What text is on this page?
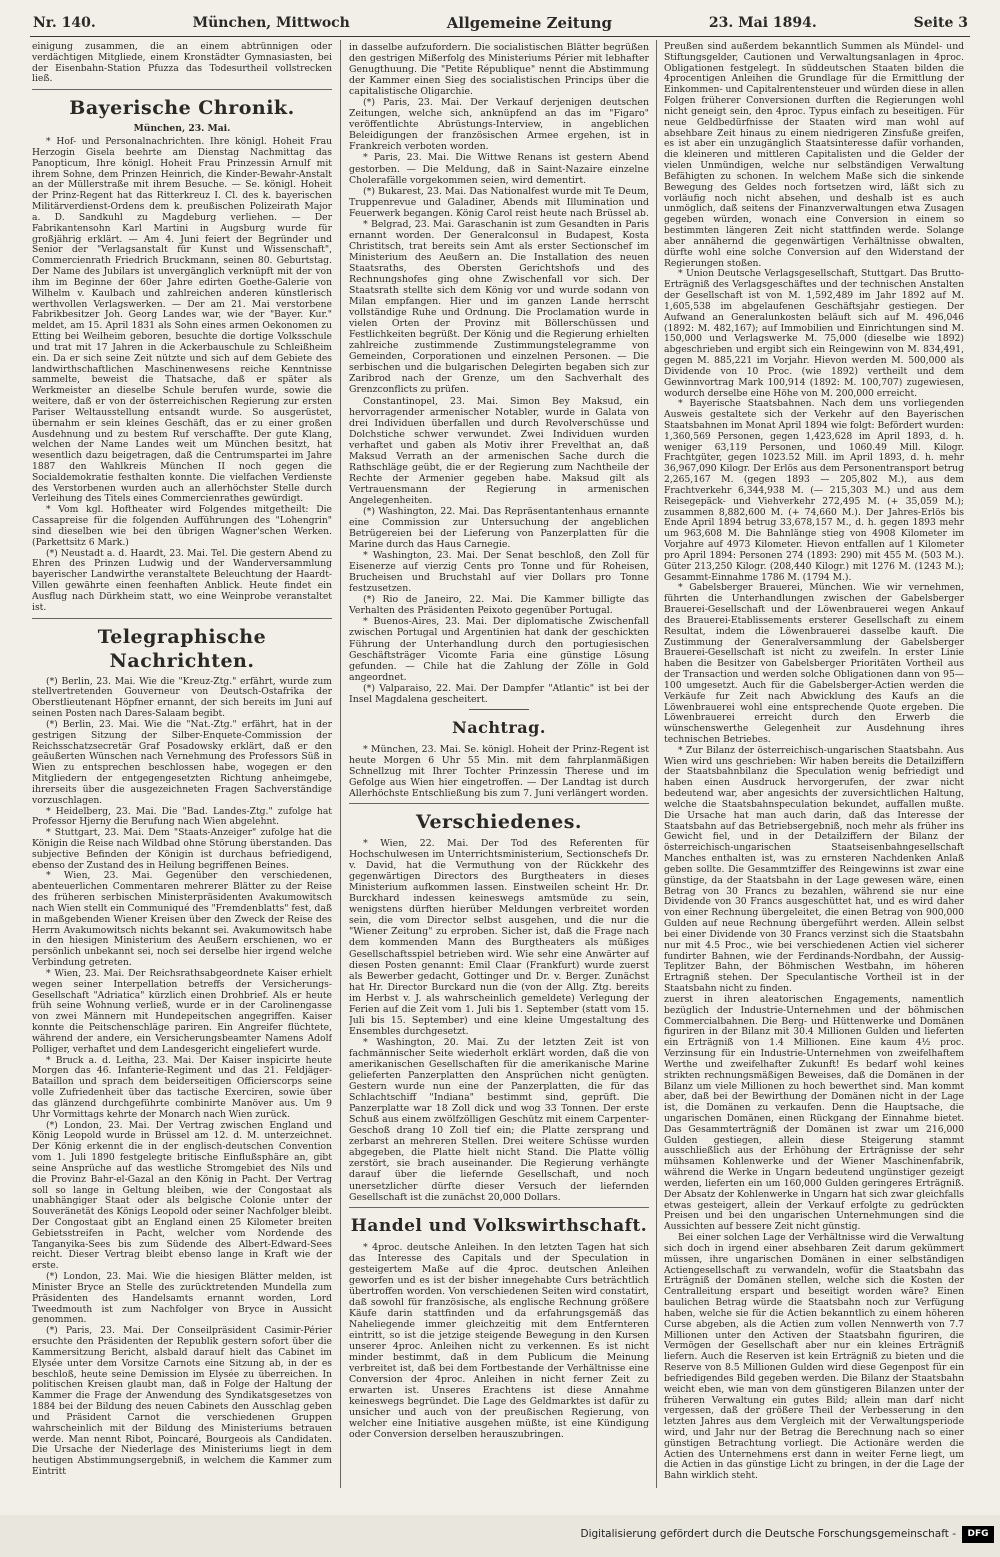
Nr. 140.	München, Mittwoch	Allgemeine Zeitung	23. Mai 1894.	Seite 3

einigung zusammen, die an einem abtrünnigen oder verdächtigen Mitgliede, einem Kronstädter Gymnasiasten, bei der Eisenbahn-Station Pfuzza das Todesurtheil vollstrecken ließ.

Bayerische Chronik.
München, 23. Mai.

* Hof- und Personalnachrichten. Ihre königl. Hoheit Frau Herzogin Gisela beehrte am Dienstag Nachmittag das Panopticum, Ihre königl. Hoheit Frau Prinzessin Arnulf mit ihrem Sohne, dem Prinzen Heinrich, die Kinder-Bewahr-Anstalt an der Müllerstraße mit ihrem Besuche. — Se. königl. Hoheit der Prinz-Regent hat das Ritterkreuz I. Cl. des k. bayerischen Militärverdienst-Ordens dem k. preußischen Polizeirath Major a. D. Sandkuhl zu Magdeburg verliehen. — Der Fabrikantensohn Karl Martini in Augsburg wurde für großjährig erklärt. — Am 4. Juni feiert der Begründer und Senior der "Verlagsanstalt für Kunst und Wissenschaft", Commercienrath Friedrich Bruckmann, seinen 80. Geburtstag. Der Name des Jubilars ist unvergänglich verknüpft mit der von ihm im Beginne der 60er Jahre edirten Goethe-Galerie von Wilhelm v. Kaulbach und zahlreichen anderen künstlerisch werthvollen Verlagswerken. — Der am 21. Mai verstorbene Fabrikbesitzer Joh. Georg Landes war, wie der "Bayer. Kur." meldet, am 15. April 1831 als Sohn eines armen Oekonomen zu Etting bei Weilheim geboren, besuchte die dortige Volksschule und trat mit 17 Jahren in die Ackerbauschule zu Schleißheim ein. Da er sich seine Zeit nützte und sich auf dem Gebiete des landwirthschaftlichen Maschinenwesens reiche Kenntnisse sammelte, beweist die Thatsache, daß er später als Werkmeister an dieselbe Schule berufen wurde, sowie die weitere, daß er von der österreichischen Regierung zur ersten Pariser Weltausstellung entsandt wurde. So ausgerüstet, übernahm er sein kleines Geschäft, das er zu einer großen Ausdehnung und zu bestem Ruf verschaffte. Der gute Klang, welchen der Name Landes weit um München besitzt, hat wesentlich dazu beigetragen, daß die Centrumspartei im Jahre 1887 den Wahlkreis München II noch gegen die Socialdemokratie festhalten konnte. Die vielfachen Verdienste des Verstorbenen wurden auch an allerhöchster Stelle durch Verleihung des Titels eines Commercienrathes gewürdigt.

* Vom kgl. Hoftheater wird Folgendes mitgetheilt: Die Cassapreise für die folgenden Aufführungen des "Lohengrin" sind dieselben wie bei den übrigen Wagner'schen Werken. (Parkettsitz 6 Mark.)

(*) Neustadt a. d. Haardt, 23. Mai. Tel. Die gestern Abend zu Ehren des Prinzen Ludwig und der Wanderversammlung bayerischer Landwirthe veranstaltete Beleuchtung der Haardt-Villen gewährte einen feenhaften Anblick. Heute findet ein Ausflug nach Dürkheim statt, wo eine Weinprobe veranstaltet ist.

Telegraphische Nachrichten.

(*) Berlin, 23. Mai. Wie die "Kreuz-Ztg." erfährt, wurde zum stellvertretenden Gouverneur von Deutsch-Ostafrika der Oberstlieutenant Höpfner ernannt, der sich bereits im Juni auf seinen Posten nach Dares-Salaam begibt.

(*) Berlin, 23. Mai. Wie die "Nat.-Ztg." erfährt, hat in der gestrigen Sitzung der Silber-Enquete-Commission der Reichsschatzsecretär Graf Posadowsky erklärt, daß er den geäußerten Wünschen nach Vernehmung des Professors Süß in Wien zu entsprechen beschlossen habe, wogegen er den Mitgliedern der entgegengesetzten Richtung anheimgebe, ihrerseits über die ausgezeichneten Fragen Sachverständige vorzuschlagen.

* Heidelberg, 23. Mai. Die "Bad. Landes-Ztg." zufolge hat Professor Hjerny die Berufung nach Wien abgelehnt.

* Stuttgart, 23. Mai. Dem "Staats-Anzeiger" zufolge hat die Königin die Reise nach Wildbad ohne Störung überstanden. Das subjective Befinden der Königin ist durchaus befriedigend, ebenso der Zustand des in Heilung begriffenen Beines.

* Wien, 23. Mai. Gegenüber den verschiedenen, abenteuerlichen Commentaren mehrerer Blätter zu der Reise des früheren serbischen Ministerpräsidenten Avakumowitsch nach Wien stellt ein Communiqué des "Fremdenblatts" fest, daß in maßgebenden Wiener Kreisen über den Zweck der Reise des Herrn Avakumowitsch nichts bekannt sei. Avakumowitsch habe in den hiesigen Ministerium des Aeußern erschienen, wo er persönlich unbekannt sei, noch sei derselbe hier irgend welche Verbindung getreten.

* Wien, 23. Mai. Der Reichsrathsabgeordnete Kaiser erhielt wegen seiner Interpellation betreffs der Versicherungs-Gesellschaft "Adriatica" kürzlich einen Drohbrief. Als er heute früh seine Wohnung verließ, wurde er in der Carolinengasse von zwei Männern mit Hundepeitschen angegriffen. Kaiser konnte die Peitschenschläge pariren. Ein Angreifer flüchtete, während der andere, ein Versicherungsbeamter Namens Adolf Polliger, verhaftet und dem Landesgericht eingeliefert wurde.

* Bruck a. d. Leitha, 23. Mai. Der Kaiser inspicirte heute Morgen das 46. Infanterie-Regiment und das 21. Feldjäger-Bataillon und sprach dem beiderseitigen Officierscorps seine volle Zufriedenheit über das tactische Exerciren, sowie über das glänzend durchgeführte combinirte Manöver aus. Um 9 Uhr Vormittags kehrte der Monarch nach Wien zurück.

(*) London, 23. Mai. Der Vertrag zwischen England und König Leopold wurde in Brüssel am 12. d. M. unterzeichnet. Der König erkennt die in der englisch-deutschen Convention vom 1. Juli 1890 festgelegte britische Einflußsphäre an, gibt seine Ansprüche auf das westliche Stromgebiet des Nils und die Provinz Bahr-el-Gazal an den König in Pacht. Der Vertrag soll so lange in Geltung bleiben, wie der Congostaat als unabhängiger Staat oder als belgische Colonie unter der Souveränetät des Königs Leopold oder seiner Nachfolger bleibt. Der Congostaat gibt an England einen 25 Kilometer breiten Gebietsstreifen in Pacht, welcher vom Nordende des Tanganyika-Sees bis zum Südende des Albert-Edward-Sees reicht. Dieser Vertrag bleibt ebenso lange in Kraft wie der erste.

(*) London, 23. Mai. Wie die hiesigen Blätter melden, ist Minister Bryce an Stelle des zurücktretenden Mundella zum Präsidenten des Handelsamts ernannt worden, Lord Tweedmouth ist zum Nachfolger von Bryce in Aussicht genommen.

(*) Paris, 23. Mai. Der Conseilpräsident Casimir-Périer ersuchte den Präsidenten der Republik gestern sofort über die Kammersitzung Bericht, alsbald darauf hielt das Cabinet im Elysée unter dem Vorsitze Carnots eine Sitzung ab, in der es beschloß, heute seine Demission im Elysée zu überreichen. In politischen Kreisen glaubt man, daß in Folge der Haltung der Kammer die Frage der Anwendung des Syndikatsgesetzes von 1884 bei der Bildung des neuen Cabinets den Ausschlag geben und Präsident Carnot die verschiedenen Gruppen wahrscheinlich mit der Bildung des Ministeriums betrauen werde. Man nennt Ribot, Poincaré, Bourgeois als Candidaten. Die Ursache der Niederlage des Ministeriums liegt in dem heutigen Abstimmungsergebniß, in welchem die Kammer zum Eintritt

in dasselbe aufzufordern. Die socialistischen Blätter begrüßen den gestrigen Mißerfolg des Ministeriums Périer mit lebhafter Genugthuung. Die "Petite République" nennt die Abstimmung der Kammer einen Sieg des socialistischen Princips über die capitalistische Oligarchie.

(*) Paris, 23. Mai. Der Verkauf derjenigen deutschen Zeitungen, welche sich, anknüpfend an das im "Figaro" veröffentlichte Abrüstungs-Interview, in angeblichen Beleidigungen der französischen Armee ergehen, ist in Frankreich verboten worden.

* Paris, 23. Mai. Die Wittwe Renans ist gestern Abend gestorben. — Die Meldung, daß in Saint-Nazaire einzelne Cholerafälle vorgekommen seien, wird dementirt.

(*) Bukarest, 23. Mai. Das Nationalfest wurde mit Te Deum, Truppenrevue und Galadiner, Abends mit Illumination und Feuerwerk begangen. König Carol reist heute nach Brüssel ab.

* Belgrad, 23. Mai. Garaschanin ist zum Gesandten in Paris ernannt worden. Der Generalconsul in Budapest, Kosta Christitsch, trat bereits sein Amt als erster Sectionschef im Ministerium des Aeußern an. Die Installation des neuen Staatsraths, des Obersten Gerichtshofs und des Rechnungshofes ging ohne Zwischenfall vor sich. Der Staatsrath stellte sich dem König vor und wurde sodann von Milan empfangen. Hier und im ganzen Lande herrscht vollständige Ruhe und Ordnung. Die Proclamation wurde in vielen Orten der Provinz mit Böllerschüssen und Festlichkeiten begrüßt. Der König und die Regierung erhielten zahlreiche zustimmende Zustimmungstelegramme von Gemeinden, Corporationen und einzelnen Personen. — Die serbischen und die bulgarischen Delegirten begaben sich zur Zaribrod nach der Grenze, um den Sachverhalt des Grenzconflicts zu prüfen.

Constantinopel, 23. Mai. Simon Bey Maksud, ein hervorragender armenischer Notabler, wurde in Galata von drei Individuen überfallen und durch Revolverschüsse und Dolchstiche schwer verwundet. Zwei Individuen wurden verhaftet und gaben als Motiv ihrer Frevelthat an, daß Maksud Verrath an der armenischen Sache durch die Rathschläge geübt, die er der Regierung zum Nachtheile der Rechte der Armenier gegeben habe. Maksud gilt als Vertrauensmann der Regierung in armenischen Angelegenheiten.

(*) Washington, 22. Mai. Das Repräsentantenhaus ernannte eine Commission zur Untersuchung der angeblichen Betrügereien bei der Lieferung von Panzerplatten für die Marine durch das Haus Carnegie.

* Washington, 23. Mai. Der Senat beschloß, den Zoll für Eisenerze auf vierzig Cents pro Tonne und für Roheisen, Brucheisen und Bruchstahl auf vier Dollars pro Tonne festzusetzen.

(*) Rio de Janeiro, 22. Mai. Die Kammer billigte das Verhalten des Präsidenten Peixoto gegenüber Portugal.

* Buenos-Aires, 23. Mai. Der diplomatische Zwischenfall zwischen Portugal und Argentinien hat dank der geschickten Führung der Unterhandlung durch den portugiesischen Geschäftsträger Vicomte Faria eine günstige Lösung gefunden. — Chile hat die Zahlung der Zölle in Gold angeordnet.

(*) Valparaiso, 22. Mai. Der Dampfer "Atlantic" ist bei der Insel Magdalena gescheitert.

Nachtrag.

* München, 23. Mai. Se. königl. Hoheit der Prinz-Regent ist heute Morgen 6 Uhr 55 Min. mit dem fahrplanmäßigen Schnellzug mit Ihrer Tochter Prinzessin Therese und im Gefolge aus Wien hier eingetroffen. — Der Landtag ist durch Allerhöchste Entschließung bis zum 7. Juni verlängert worden.

Verschiedenes.

* Wien, 22. Mai. Der Tod des Referenten für Hochschulwesen im Unterrichtsministerium, Sectionschefs Dr. v. David, hat die Vermuthung von der Rückkehr des gegenwärtigen Directors des Burgtheaters in dieses Ministerium aufkommen lassen. Einstweilen scheint Hr. Dr. Burckhard indessen keineswegs amtsmüde zu sein, wenigstens dürften hierüber Meldungen verbreitet worden sein, die vom Director selbst ausgehen, und die nur die "Wiener Zeitung" zu erproben. Sicher ist, daß die Frage nach dem kommenden Mann des Burgtheaters als müßiges Gesellschaftsspiel betrieben wird. Wie sehr eine Anwärter auf diesen Posten genannt: Emil Claar (Frankfurt) wurde zuerst als Bewerber gedacht, Gottinger und Dr. v. Berger. Zunächst hat Hr. Director Burckard nun die (von der Allg. Ztg. bereits im Herbst v. J. als wahrscheinlich gemeldete) Verlegung der Ferien auf die Zeit vom 1. Juli bis 1. September (statt vom 15. Juli bis 15. September) und eine kleine Umgestaltung des Ensembles durchgesetzt.

* Washington, 20. Mai. Zu der letzten Zeit ist von fachmännischer Seite wiederholt erklärt worden, daß die von amerikanischen Gesellschaften für die amerikanische Marine gelieferten Panzerplatten den Ansprüchen nicht genügten. Gestern wurde nun eine der Panzerplatten, die für das Schlachtschiff "Indiana" bestimmt sind, geprüft. Die Panzerplatte war 18 Zoll dick und wog 33 Tonnen. Der erste Schuß aus einem zwölfzölligen Geschütz mit einem Carpenter-Geschoß drang 10 Zoll tief ein; die Platte zersprang und zerbarst an mehreren Stellen. Drei weitere Schüsse wurden abgegeben, die Platte hielt nicht Stand. Die Platte völlig zerstört, sie brach auseinander. Die Regierung verhängte darauf über die liefernde Gesellschaft, und noch unersetzlicher dürfte dieser Versuch der liefernden Gesellschaft ist die zunächst 20,000 Dollars.

Handel und Volkswirthschaft.

* 4proc. deutsche Anleihen. In den letzten Tagen hat sich das Interesse des Capitals und der Speculation in gesteigertem Maße auf die 4proc. deutschen Anleihen geworfen und es ist der bisher innegehabte Curs beträchtlich übertroffen worden. Von verschiedenen Seiten wird constatirt, daß sowohl für französische, als englische Rechnung größere Käufe darin stattfinden und da erfahrungsgemäß das Naheliegende immer gleichzeitig mit dem Entfernteren eintritt, so ist die jetzige steigende Bewegung in den Kursen unserer 4proc. Anleihen nicht zu verkennen. Es ist nicht minder bestimmt, daß in dem Publicum die Meinung verbreitet ist, daß bei dem Fortbestande der Verhältnisse eine Conversion der 4proc. Anleihen in nicht ferner Zeit zu erwarten ist. Unseres Erachtens ist diese Annahme keineswegs begründet. Die Lage des Geldmarktes ist dafür zu unsicher und auch von der preußischen Regierung, von welcher eine Initiative ausgehen müßte, ist eine Kündigung oder Conversion derselben herauszubringen.

Preußen sind außerdem bekanntlich Summen als Mündel- und Stiftungsgelder, Cautionen und Verwaltungsanlagen in 4proc. Obligationen festgelegt. In süddeutschen Staaten bilden die 4procentigen Anleihen die Grundlage für die Ermittlung der Einkommen- und Capitalrentensteuer und würden diese in allen Folgen früherer Conversionen durften die Regierungen wohl nicht geneigt sein, den 4proc. Typus einfach zu beseitigen. Für neue Geldbedürfnisse der Staaten wird man wohl auf absehbare Zeit hinaus zu einem niedrigeren Zinsfuße greifen, es ist aber ein unzugänglich Staatsinteresse dafür vorhanden, die kleineren und mittleren Capitalisten und die Gelder der vielen Unmündigen, welche nur selbständigen Verwaltung Befähigten zu schonen. In welchem Maße sich die sinkende Bewegung des Geldes noch fortsetzen wird, läßt sich zu vorläufig noch nicht absehen, und deshalb ist es auch unmöglich, daß seitens der Finanzverwaltungen etwa Zusagen gegeben würden, wonach eine Conversion in einem so bestimmten längeren Zeit nicht stattfinden werde. Solange aber annähernd die gegenwärtigen Verhältnisse obwalten, dürfte wohl eine solche Conversion auf den Widerstand der Regierungen stoßen.

* Union Deutsche Verlagsgesellschaft, Stuttgart. Das Brutto-Erträgniß des Verlagsgeschäftes und der technischen Anstalten der Gesellschaft ist von M. 1,592,489 im Jahr 1892 auf M. 1,605,538 im abgelaufenen Geschäftsjahr gestiegen. Der Aufwand an Generalunkosten beläuft sich auf M. 496,046 (1892: M. 482,167); auf Immobilien und Einrichtungen sind M. 150,000 und Verlagswerke M. 75,000 (dieselbe wie 1892) abgeschrieben und ergibt sich ein Reingewinn von M. 834,491, gegen M. 885,221 im Vorjahr. Hievon werden M. 500,000 als Dividende von 10 Proc. (wie 1892) vertheilt und dem Gewinnvortrag Mark 100,914 (1892: M. 100,707) zugewiesen, wodurch derselbe eine Höhe von M. 200,000 erreicht.

* Bayerische Staatsbahnen. Nach dem uns vorliegenden Ausweis gestaltete sich der Verkehr auf den Bayerischen Staatsbahnen im Monat April 1894 wie folgt: Befördert wurden: 1,360,569 Personen, gegen 1,423,628 im April 1893, d. h. weniger 63,119 Personen, und 1060.49 Mill. Kilogr. Frachtgüter, gegen 1023.52 Mill. im April 1893, d. h. mehr 36,967,090 Kilogr. Der Erlös aus dem Personentransport betrug 2,265,167 M. (gegen 1893 — 205,802 M.), aus dem Frachtverkehr 6,344,938 M. (— 215,303 M.) und aus dem Reisegepäck- und Viehverkehr 272,495 M. (+ 35,059 M.); zusammen 8,882,600 M. (+ 74,660 M.). Der Jahres-Erlös bis Ende April 1894 betrug 33,678,157 M., d. h. gegen 1893 mehr um 963,608 M. Die Bahnlänge stieg von 4908 Kilometer im Vorjahre auf 4973 Kilometer. Hievon entfallen auf 1 Kilometer pro April 1894: Personen 274 (1893: 290) mit 455 M. (503 M.). Güter 213,250 Kilogr. (208,440 Kilogr.) mit 1276 M. (1243 M.); Gesammt-Einnahme 1786 M. (1794 M.).

* Gabelsberger Brauerei, München. Wie wir vernehmen, führten die Unterhandlungen zwischen der Gabelsberger Brauerei-Gesellschaft und der Löwenbrauerei wegen Ankauf des Brauerei-Etablissements ersterer Gesellschaft zu einem Resultat, indem die Löwenbrauerei dasselbe kauft. Die Zustimmung der Generalversammlung der Gabelsberger Brauerei-Gesellschaft ist nicht zu zweifeln. In erster Linie haben die Besitzer von Gabelsberger Prioritäten Vortheil aus der Transaction und werden solche Obligationen dann von 95—100 umgesetzt. Auch für die Gabelsberger-Actien werden die Verkäufe fur Zeit nach Abwicklung des Kaufs an die Löwenbrauerei wohl eine entsprechende Quote ergeben. Die Löwenbrauerei erreicht durch den Erwerb die wünschenswerthe Gelegenheit zur Ausdehnung ihres technischen Betriebes.

* Zur Bilanz der österreichisch-ungarischen Staatsbahn. Aus Wien wird uns geschrieben: Wir haben bereits die Detailziffern der Staatsbahnbilanz die Speculation wenig befriedigt und haben einen Ausdruck hervorgerufen, der zwar nicht bedeutend war, aber angesichts der zuversichtlichen Haltung, welche die Staatsbahnspeculation bekundet, auffallen mußte. Die Ursache hat man auch darin, daß das Interesse der Staatsbahn auf das Betriebsergebniß, noch mehr als früher ins Gewicht fiel, und in der Detailziffern der Bilanz der österreichisch-ungarischen Staatseisenbahngesellschaft Manches enthalten ist, was zu ernsteren Nachdenken Anlaß geben sollte. Die Gesammtziffer des Reingewinns ist zwar eine günstige, da der Staatsbahn in der Lage gewesen wäre, einen Betrag von 30 Francs zu bezahlen, während sie nur eine Dividende von 30 Francs ausgeschüttet hat, und es wird daher von einer Rechnung übergeleitet, die einen Betrag von 900,000 Gulden auf neue Rechnung übergeführt werden. Allein selbst bei einer Dividende von 30 Francs verzinst sich die Staatsbahn nur mit 4.5 Proc., wie bei verschiedenen Actien viel sicherer fundirter Bahnen, wie der Ferdinands-Nordbahn, der Aussig-Teplitzer Bahn, der Böhmischen Westbahn, im höheren Ertragniß stehen. Der Speculantische Vortheil ist in der Staatsbahn nicht zu finden.

zuerst in ihren aleatorischen Engagements, namentlich bezüglich der Industrie-Unternehmen und der böhmischen Commercialbahnen. Die Berg- und Hüttenwerke und Domänen figuriren in der Bilanz mit 30.4 Millionen Gulden und lieferten ein Erträgniß von 1.4 Millionen. Eine kaum 4½ proc. Verzinsung für ein Industrie-Unternehmen von zweifelhaftem Werthe und zweifelhafter Zukunft! Es bedarf wohl keines strikten rechnungsmäßigen Beweises, daß die Domänen in der Bilanz um viele Millionen zu hoch bewerthet sind. Man kommt aber, daß bei der Bewirthung der Domänen nicht in der Lage ist, die Domänen zu verkaufen. Denn die Hauptsache, die ungarischen Domänen, einen Rückgang der Einnahme bietet. Das Gesammterträgniß der Domänen ist zwar um 216,000 Gulden gestiegen, allein diese Steigerung stammt ausschließlich aus der Erhöhung der Erträgnisse der sehr mühsamen Kohlenwerke und der Wiener Maschinenfabrik, während die Werke in Ungarn bedeutend ungünstiger gezeigt werden, lieferten ein um 160,000 Gulden geringeres Erträgniß. Der Absatz der Kohlenwerke in Ungarn hat sich zwar gleichfalls etwas gesteigert, allein der Verkauf erfolgte zu gedrückten Preisen und bei den ungarischen Unternehmungen sind die Aussichten auf bessere Zeit nicht günstig.

Bei einer solchen Lage der Verhältnisse wird die Verwaltung sich doch in irgend einer absehbaren Zeit darum gekümmert müssen, ihre ungarischen Domänen in einer selbständigen Actiengesellschaft zu verwandeln, wofür die Staatsbahn das Erträgniß der Domänen stellen, welche sich die Kosten der Centralleitung erspart und beseitigt worden wäre? Einen baulichen Betrag würde die Staatsbahn noch zur Verfügung haben, welche sie für die Actien bekanntlich zu einem höheren Curse abgeben, als die Actien zum vollen Nennwerth von 7.7 Millionen unter den Activen der Staatsbahn figuriren, die Vermögen der Gesellschaft aber nur ein kleines Erträgniß liefern. Auch die Reserven ist kein Erträgniß zu bieten und die Reserve von 8.5 Millionen Gulden wird diese Gegenpost für ein befriedigendes Bild gegeben werden. Die Bilanz der Staatsbahn weicht eben, wie man von dem günstigeren Bilanzen unter der früheren Verwaltung ein gutes Bild; allein man darf nicht vergessen, daß der größere Theil der Verbesserung in den letzten Jahres aus dem Vergleich mit der Verwaltungsperiode wird, und Jahr nur der Betrag die Berechnung nach so einer günstigen Betrachtung vorliegt. Die Actionäre werden die Actien des Unternehmens erst dann in weiter Ferne liegt, um die Actien in das günstige Licht zu bringen, in der die Lage der Bahn wirklich steht.

Digitalisierung gefördert durch die Deutsche Forschungsgemeinschaft -	DFG
